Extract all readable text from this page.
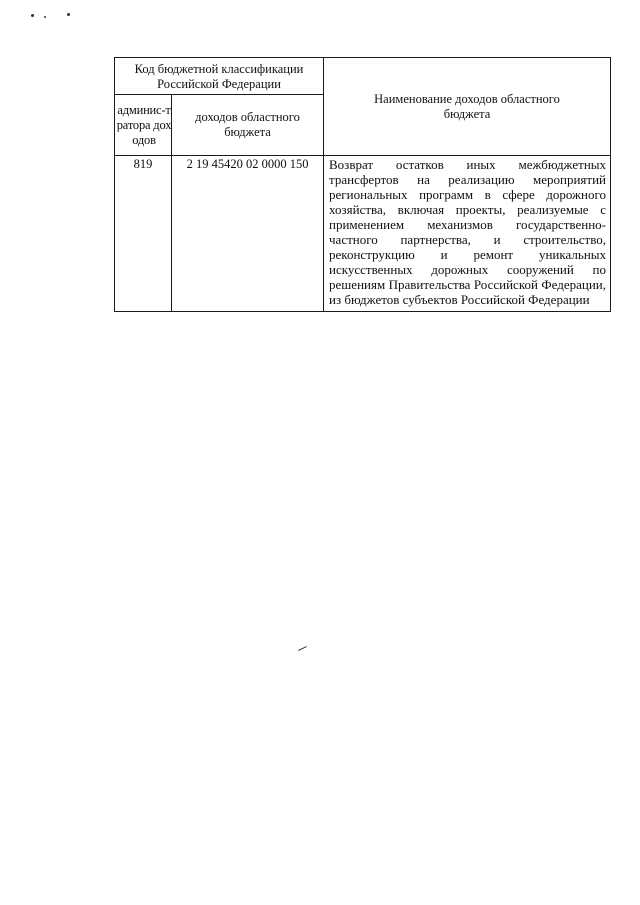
Код бюджетной классификации Российской Федерации		Наименование доходов областного бюджета
админис-тратора доходов	доходов областного бюджета	
819	2 19 45420 02 0000 150	Возврат остатков иных межбюджетных трансфертов на реализацию мероприятий региональных программ в сфере дорожного хозяйства, включая проекты, реализуемые с применением механизмов государственно-частного партнерства, и строительство, реконструкцию и ремонт уникальных искусственных дорожных сооружений по решениям Правительства Российской Федерации, из бюджетов субъектов Российской Федерации
